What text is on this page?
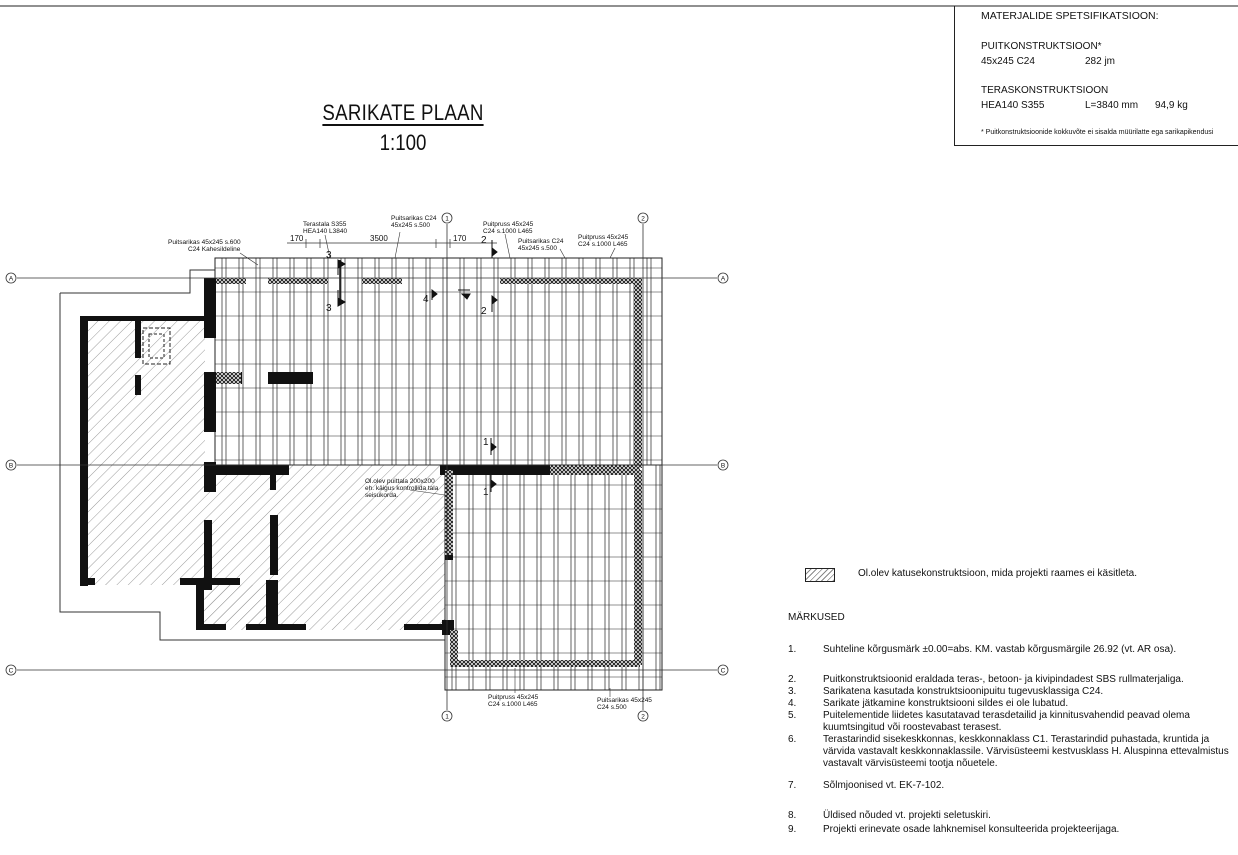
A	A
B	B
C	C
1
1
2
2
SARIKATE PLAAN
1:100
MATERJALIDE SPETSIFIKATSIOON:
PUITKONSTRUKTSIOON*
45x245 C24	282 jm
TERASKONSTRUKTSIOON
HEA140 S355	L=3840 mm 94,9 kg
* Puitkonstruktsioonide kokkuvõte ei sisalda müürilatte ega sarikapikendusi
Puitsarikas 45x245 s.600
C24 Kahesildeline
Terastala S355
HEA140 L3840
Puitsarikas C24
45x245 s.500	Puitpruss 45x245
C24 s.1000 L465
Puitsarikas C24
45x245 s.500
Puitpruss 45x245
C24 s.1000 L465
Ol.olev puittala 200x200
eh. käigus kontrollida tala
seisukorda.
Puitpruss 45x245
C24 s.1000 L465
Puitsarikas 45x245
C24 s.500
170	3500	170 2
3
3
4
2
1
1
Ol.olev katusekonstruktsioon, mida projekti raames ei käsitleta.
MÄRKUSED
1.	Suhteline kõrgusmärk ±0.00=abs. KM. vastab kõrgusmärgile 26.92 (vt. AR osa).
2.	Puitkonstruktsioonid eraldada teras-, betoon- ja kivipindadest SBS rullmaterjaliga.
3.	Sarikatena kasutada konstruktsioonipuitu tugevusklassiga C24.
4.	Sarikate jätkamine konstruktsiooni sildes ei ole lubatud.
5.	Puitelementide liidetes kasutatavad terasdetailid ja kinnitusvahendid peavad olema kuumtsingitud või roostevabast terasest.
6.	Terastarindid sisekeskkonnas, keskkonnaklass C1. Terastarindid puhastada, kruntida ja värvida vastavalt keskkonnaklassile. Värvisüsteemi kestvusklass H. Aluspinna ettevalmistus vastavalt värvisüsteemi tootja nõuetele.
7.	Sõlmjoonised vt. EK-7-102.
8.	Üldised nõuded vt. projekti seletuskiri.
9.	Projekti erinevate osade lahknemisel konsulteerida projekteerijaga.
